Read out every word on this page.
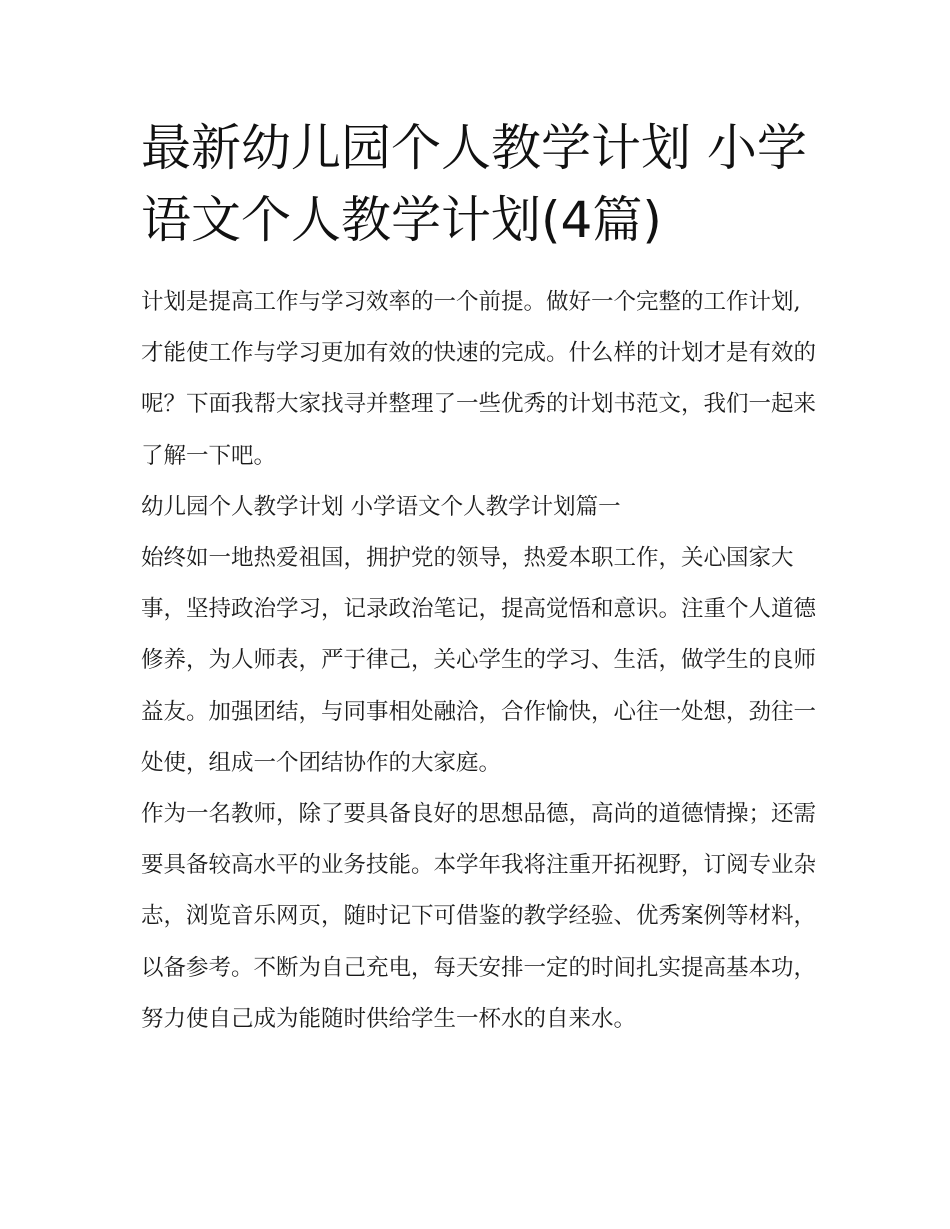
最新幼儿园个人教学计划 小学语文个人教学计划(4篇)

计划是提高工作与学习效率的一个前提。做好一个完整的工作计划,才能使工作与学习更加有效的快速的完成。什么样的计划才是有效的呢？下面我帮大家找寻并整理了一些优秀的计划书范文，我们一起来了解一下吧。

幼儿园个人教学计划 小学语文个人教学计划篇一

始终如一地热爱祖国，拥护党的领导，热爱本职工作，关心国家大事，坚持政治学习，记录政治笔记，提高觉悟和意识。注重个人道德修养，为人师表，严于律己，关心学生的学习、生活，做学生的良师益友。加强团结，与同事相处融洽，合作愉快，心往一处想，劲往一处使，组成一个团结协作的大家庭。

作为一名教师，除了要具备良好的思想品德，高尚的道德情操；还需要具备较高水平的业务技能。本学年我将注重开拓视野，订阅专业杂志，浏览音乐网页，随时记下可借鉴的教学经验、优秀案例等材料，以备参考。不断为自己充电，每天安排一定的时间扎实提高基本功，努力使自己成为能随时供给学生一杯水的自来水。
